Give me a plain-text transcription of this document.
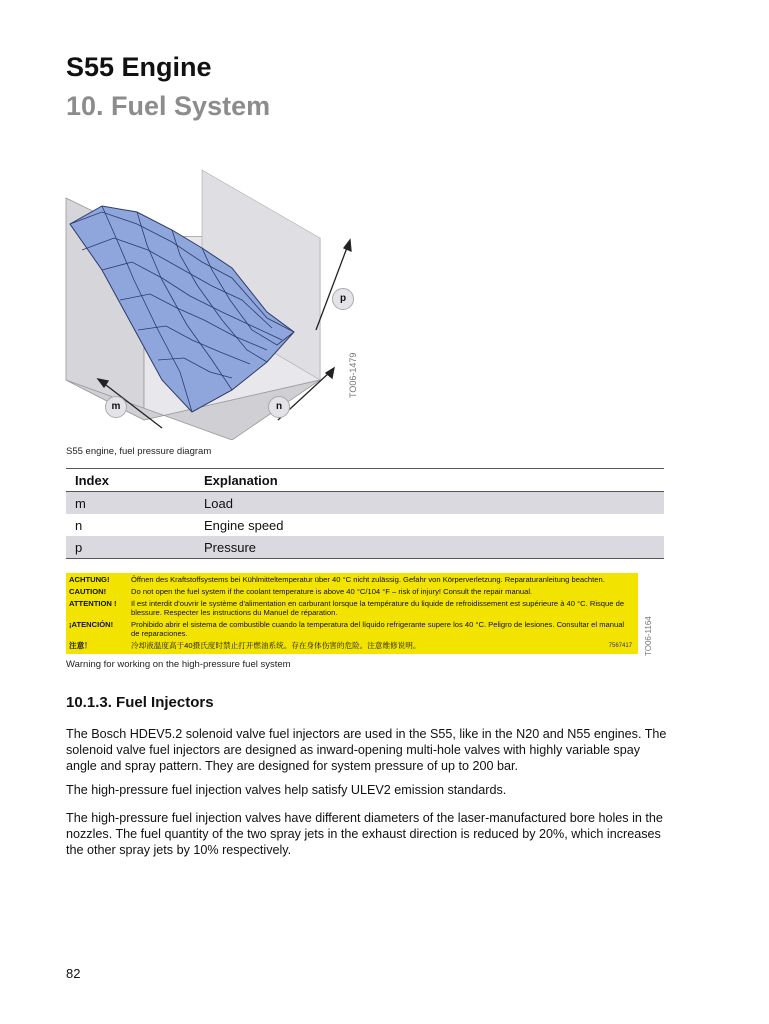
S55 Engine
10. Fuel System
m	n
p
TO06-1479
S55 engine, fuel pressure diagram
Index	Explanation
m	Load
n	Engine speed
p	Pressure
ACHTUNG!	Öffnen des Kraftstoffsystems bei Kühlmitteltemperatur über 40 °C nicht zulässig. Gefahr von Körperverletzung. Reparaturanleitung beachten.
CAUTION!	Do not open the fuel system if the coolant temperature is above 40 °C/104 °F – risk of injury! Consult the repair manual.
ATTENTION !	Il est interdit d'ouvrir le système d'alimentation en carburant lorsque la température du liquide de refroidissement est supérieure à 40 °C. Risque de blessure. Respecter les instructions du Manuel de réparation.
¡ATENCIÓN!	Prohibido abrir el sistema de combustible cuando la temperatura del líquido refrigerante supere los 40 °C. Peligro de lesiones. Consultar el manual de reparaciones.
注意！	冷却液温度高于40摄氏度时禁止打开燃油系统。存在身体伤害的危险。注意维修说明。	7567417 TO06-1164
Warning for working on the high-pressure fuel system
10.1.3. Fuel Injectors

The Bosch HDEV5.2 solenoid valve fuel injectors are used in the S55, like in the N20 and N55 engines. The solenoid valve fuel injectors are designed as inward-opening multi-hole valves with highly variable spay angle and spray pattern. They are designed for system pressure of up to 200 bar.

The high-pressure fuel injection valves help satisfy ULEV2 emission standards.

The high-pressure fuel injection valves have different diameters of the laser-manufactured bore holes in the nozzles. The fuel quantity of the two spray jets in the exhaust direction is reduced by 20%, which increases the other spray jets by 10% respectively.

82
